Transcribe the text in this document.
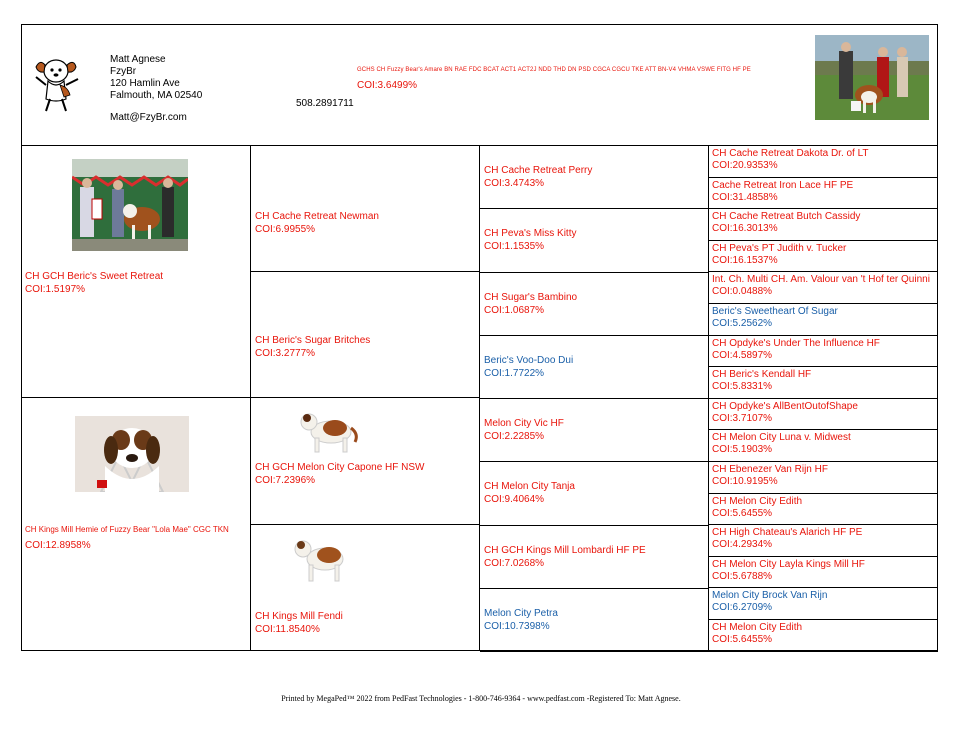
Matt Agnese
FzyBr
120 Hamlin Ave
Falmouth, MA 02540
Matt@FzyBr.com
508.2891711
GCHS CH Fuzzy Bear's Amare BN RAE FDC BCAT ACT1 ACT2J NDD THD DN PSD CGCA CGCU TKE ATT BN-V4 VHMA VSWE FITG HF PE
COI:3.6499%
CH GCH Beric's Sweet Retreat
COI:1.5197%
CH Kings Mill Hemie of Fuzzy Bear "Lola Mae" CGC TKN
COI:12.8958%
CH Cache Retreat Newman
COI:6.9955%
CH Beric's Sugar Britches
COI:3.2777%
CH GCH Melon City Capone HF NSW
COI:7.2396%
CH Kings Mill Fendi
COI:11.8540%
CH Cache Retreat Perry
COI:3.4743%
CH Peva's Miss Kitty
COI:1.1535%
CH Sugar's Bambino
COI:1.0687%
Beric's Voo-Doo Dui
COI:1.7722%
Melon City Vic HF
COI:2.2285%
CH Melon City Tanja
COI:9.4064%
CH GCH Kings Mill Lombardi HF PE
COI:7.0268%
Melon City Petra
COI:10.7398%
CH Cache Retreat Dakota Dr. of LT
COI:20.9353%
Cache Retreat Iron Lace HF PE
COI:31.4858%
CH Cache Retreat Butch Cassidy
COI:16.3013%
CH Peva's PT Judith v. Tucker
COI:16.1537%
Int. Ch. Multi CH. Am. Valour van 't Hof ter Quinni
COI:0.0488%
Beric's Sweetheart Of Sugar
COI:5.2562%
CH Opdyke's Under The Influence HF
COI:4.5897%
CH Beric's Kendall HF
COI:5.8331%
CH Opdyke's AllBentOutofShape
COI:3.7107%
CH Melon City Luna v. Midwest
COI:5.1903%
CH Ebenezer Van Rijn HF
COI:10.9195%
CH Melon City Edith
COI:5.6455%
CH High Chateau's Alarich HF PE
COI:4.2934%
CH Melon City Layla Kings Mill HF
COI:5.6788%
Melon City Brock Van Rijn
COI:6.2709%
CH Melon City Edith
COI:5.6455%
Printed by MegaPed™ 2022 from PedFast Technologies - 1-800-746-9364 - www.pedfast.com -Registered To: Matt Agnese.
